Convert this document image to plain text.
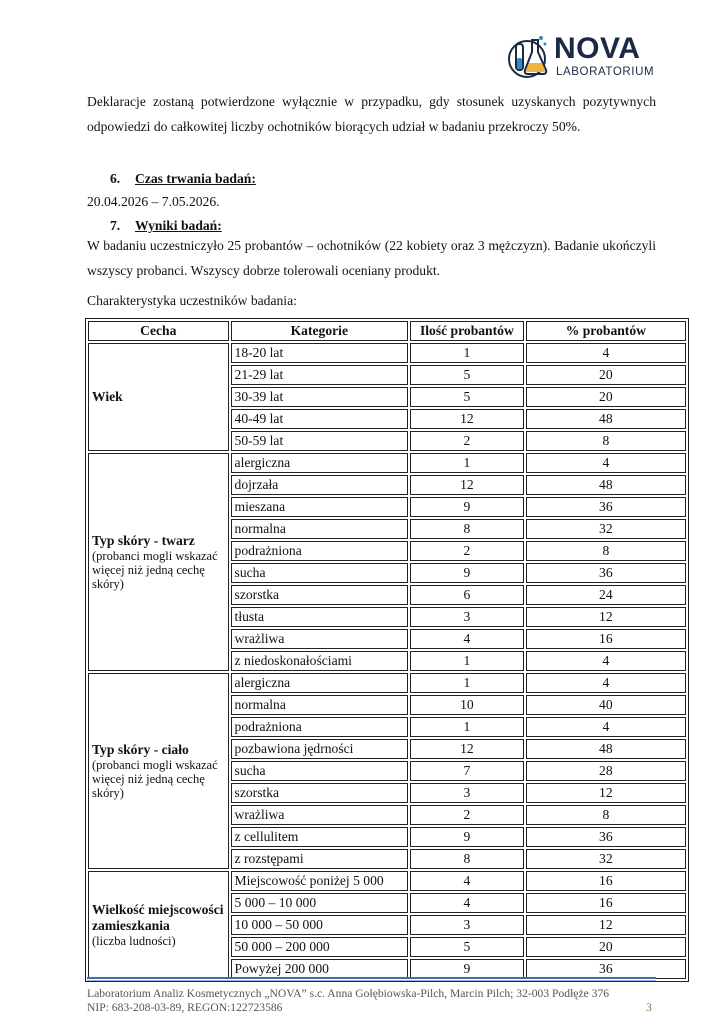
NOVA
LABORATORIUM

Deklaracje zostaną potwierdzone wyłącznie w przypadku, gdy stosunek uzyskanych pozytywnych odpowiedzi do całkowitej liczby ochotników biorących udział w badaniu przekroczy 50%.

6. Czas trwania badań:
20.04.2026 – 7.05.2026.
7. Wyniki badań:

W badaniu uczestniczyło 25 probantów – ochotników (22 kobiety oraz 3 mężczyzn). Badanie ukończyli wszyscy probanci. Wszyscy dobrze tolerowali oceniany produkt.

Charakterystyka uczestników badania:
Cecha	Kategorie	Ilość probantów	% probantów

Wiek	18-20 lat	1	4
	21-29 lat	5	20
	30-39 lat	5	20
	40-49 lat	12	48
	50-59 lat	2	8

Typ skóry - twarz
(probanci mogli wskazać więcej niż jedną cechę skóry)	alergiczna	1	4
	dojrzała	12	48
	mieszana	9	36
	normalna	8	32
	podrażniona	2	8
	sucha	9	36
	szorstka	6	24
	tłusta	3	12
	wrażliwa	4	16
	z niedoskonałościami	1	4

Typ skóry - ciało
(probanci mogli wskazać więcej niż jedną cechę skóry)	alergiczna	1	4
	normalna	10	40
	podrażniona	1	4
	pozbawiona jędrności	12	48
	sucha	7	28
	szorstka	3	12
	wrażliwa	2	8
	z cellulitem	9	36
	z rozstępami	8	32

Wielkość miejscowości zamieszkania
(liczba ludności)	Miejscowość poniżej 5 000	4	16
	5 000 – 10 000	4	16
	10 000 – 50 000	3	12
	50 000 – 200 000	5	20
	Powyżej 200 000	9	36
Laboratorium Analiz Kosmetycznych „NOVA” s.c. Anna Gołębiowska-Pilch, Marcin Pilch; 32-003 Podłęże 376
NIP: 683-208-03-89, REGON:122723586	3
